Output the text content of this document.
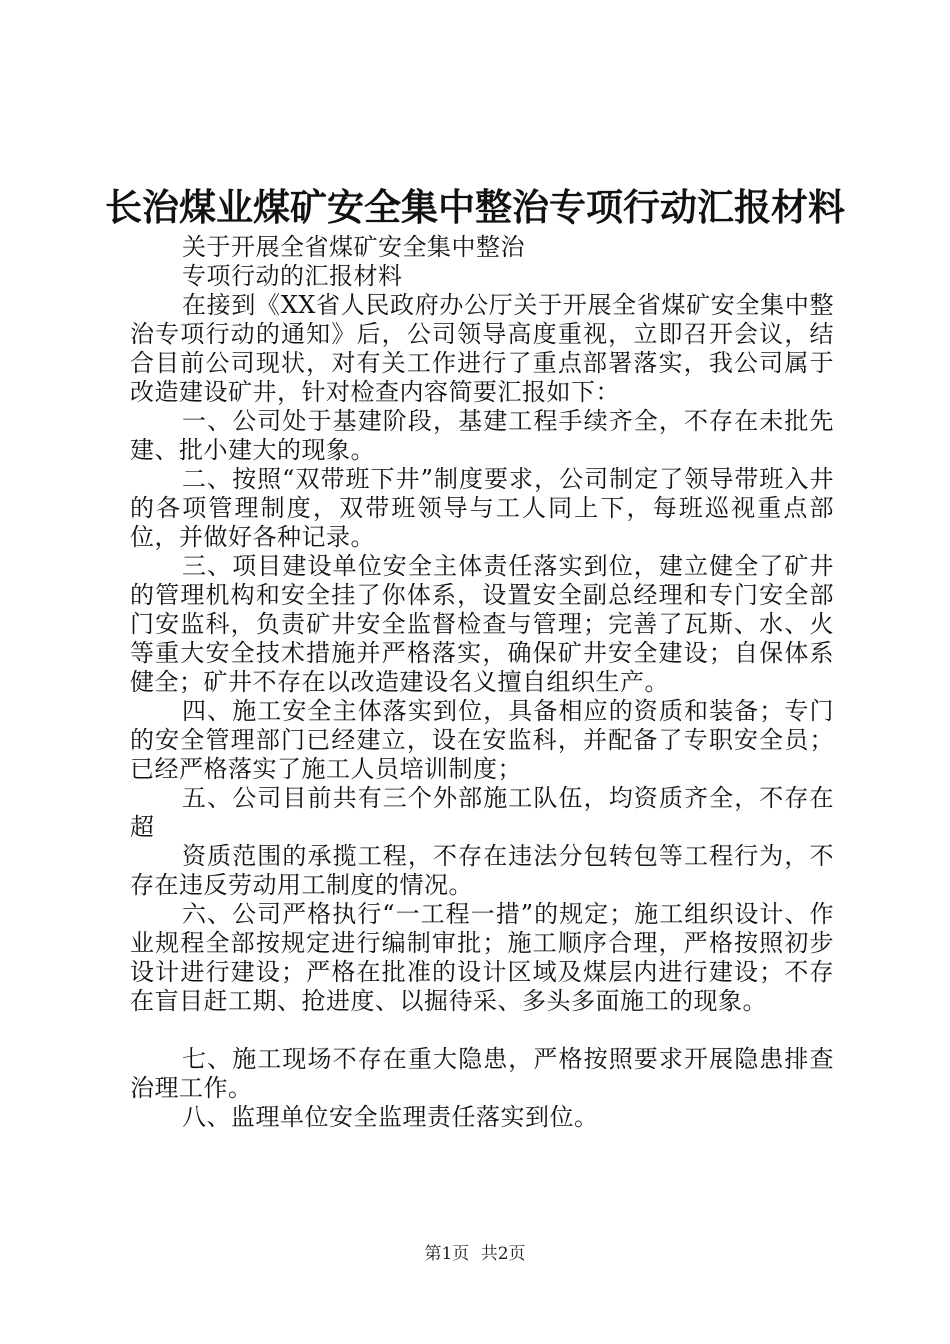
长治煤业煤矿安全集中整治专项行动汇报材料

关于开展全省煤矿安全集中整治

专项行动的汇报材料

在接到《XX省人民政府办公厅关于开展全省煤矿安全集中整治专项行动的通知》后，公司领导高度重视，立即召开会议，结合目前公司现状，对有关工作进行了重点部署落实，我公司属于改造建设矿井，针对检查内容简要汇报如下：

一、公司处于基建阶段，基建工程手续齐全，不存在未批先建、批小建大的现象。

二、按照“双带班下井”制度要求，公司制定了领导带班入井的各项管理制度，双带班领导与工人同上下，每班巡视重点部位，并做好各种记录。

三、项目建设单位安全主体责任落实到位，建立健全了矿井的管理机构和安全挂了你体系，设置安全副总经理和专门安全部门安监科，负责矿井安全监督检查与管理；完善了瓦斯、水、火等重大安全技术措施并严格落实，确保矿井安全建设；自保体系健全；矿井不存在以改造建设名义擅自组织生产。

四、施工安全主体落实到位，具备相应的资质和装备；专门的安全管理部门已经建立，设在安监科，并配备了专职安全员；已经严格落实了施工人员培训制度；

五、公司目前共有三个外部施工队伍，均资质齐全，不存在超

资质范围的承揽工程，不存在违法分包转包等工程行为，不存在违反劳动用工制度的情况。

六、公司严格执行“一工程一措”的规定；施工组织设计、作业规程全部按规定进行编制审批；施工顺序合理，严格按照初步设计进行建设；严格在批准的设计区域及煤层内进行建设；不存在盲目赶工期、抢进度、以掘待采、多头多面施工的现象。

七、施工现场不存在重大隐患，严格按照要求开展隐患排查治理工作。

八、监理单位安全监理责任落实到位。

第1页 共2页
